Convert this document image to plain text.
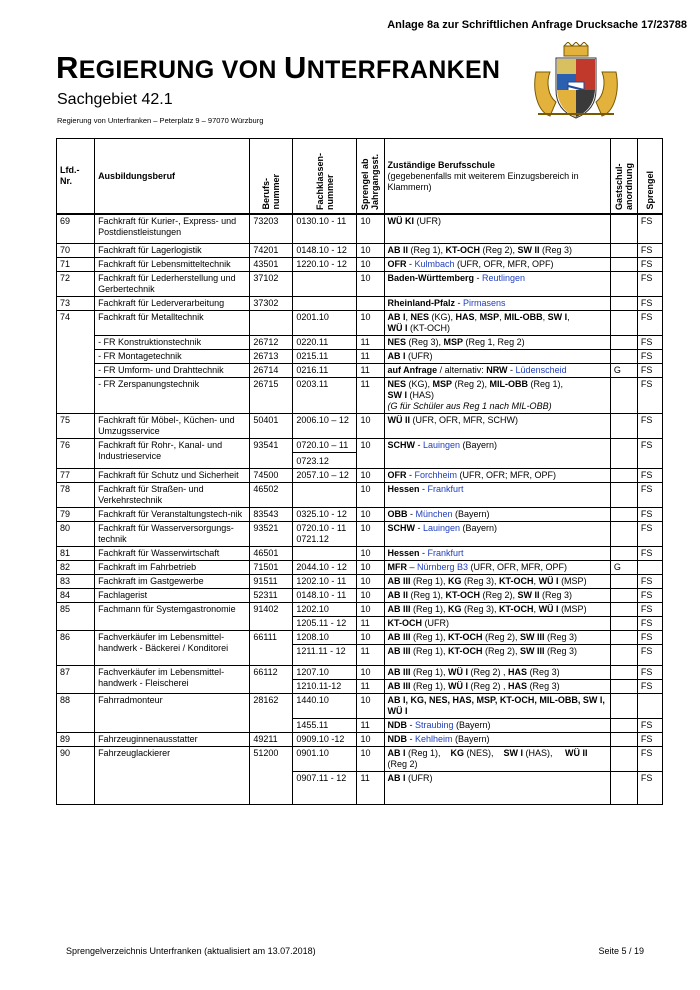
Anlage 8a zur Schriftlichen Anfrage Drucksache 17/23788
REGIERUNG VON UNTERFRANKEN
Sachgebiet 42.1
Regierung von Unterfranken – Peterplatz 9 – 97070 Würzburg
Lfd.-Nr.	Ausbildungsberuf	Berufs-
nummer	Fachklassen-
nummer	Sprengel ab
Jahrgangsst.	Zuständige Berufsschule
(gegebenenfalls mit weiterem Einzugsbereich in Klammern)	Gastschul-
anordnung	Sprengel

69	Fachkraft für Kurier-, Express- und Postdienstleistungen	73203	0130.10 - 11	10	WÜ KI (UFR)		FS
70	Fachkraft für Lagerlogistik	74201	0148.10 - 12	10	AB II (Reg 1), KT-OCH (Reg 2), SW II (Reg 3)		FS
71	Fachkraft für Lebensmitteltechnik	43501	1220.10 - 12	10	OFR - Kulmbach (UFR, OFR, MFR, OPF)		FS
72	Fachkraft für Lederherstellung und Gerbertechnik	37102		10	Baden-Württemberg - Reutlingen		FS
73	Fachkraft für Lederverarbeitung	37302			Rheinland-Pfalz - Pirmasens		FS
74	Fachkraft für Metalltechnik		0201.10	10	AB I, NES (KG), HAS, MSP, MIL-OBB, SW I,
WÜ I (KT-OCH)		FS
	- FR Konstruktionstechnik	26712	0220.11	11	NES (Reg 3), MSP (Reg 1, Reg 2)		FS
	- FR Montagetechnik	26713	0215.11	11	AB I (UFR)		FS
	- FR Umform- und Drahttechnik	26714	0216.11	11	auf Anfrage / alternativ: NRW - Lüdenscheid	G	FS
	- FR Zerspanungstechnik	26715	0203.11	11	NES (KG), MSP (Reg 2), MIL-OBB (Reg 1),
SW I (HAS)
(G für Schüler aus Reg 1 nach MIL-OBB)		FS
75	Fachkraft für Möbel-, Küchen- und Umzugsservice	50401	2006.10 – 12	10	WÜ II (UFR, OFR, MFR, SCHW)		FS
76	Fachkraft für Rohr-, Kanal- und Industrieservice	93541	0720.10 – 11
0723.12	10	SCHW - Lauingen (Bayern)		FS
77	Fachkraft für Schutz und Sicherheit	74500	2057.10 – 12	10	OFR - Forchheim (UFR, OFR; MFR, OPF)		FS
78	Fachkraft für Straßen- und Verkehrstechnik	46502		10	Hessen - Frankfurt		FS
79	Fachkraft für Veranstaltungstech-nik	83543	0325.10 - 12	10	OBB - München (Bayern)		FS
80	Fachkraft für Wasserversorgungs-technik	93521	0720.10 - 11
0721.12	10	SCHW - Lauingen (Bayern)		FS
81	Fachkraft für Wasserwirtschaft	46501		10	Hessen - Frankfurt		FS
82	Fachkraft im Fahrbetrieb	71501	2044.10 - 12	10	MFR – Nürnberg B3 (UFR, OFR, MFR, OPF)	G	
83	Fachkraft im Gastgewerbe	91511	1202.10 - 11	10	AB III (Reg 1), KG (Reg 3), KT-OCH, WÜ I (MSP)		FS
84	Fachlagerist	52311	0148.10 - 11	10	AB II (Reg 1), KT-OCH (Reg 2), SW II (Reg 3)		FS
85	Fachmann für Systemgastronomie	91402	1202.10	10	AB III (Reg 1), KG (Reg 3), KT-OCH, WÜ I (MSP)		FS
			1205.11 - 12	11	KT-OCH (UFR)		FS
86	Fachverkäufer im Lebensmittel-handwerk - Bäckerei / Konditorei	66111	1208.10	10	AB III (Reg 1), KT-OCH (Reg 2), SW III (Reg 3)		FS
			1211.11 - 12	11	AB III (Reg 1), KT-OCH (Reg 2), SW III (Reg 3)		FS
87	Fachverkäufer im Lebensmittel-handwerk - Fleischerei	66112	1207.10	10	AB III (Reg 1), WÜ I (Reg 2) , HAS (Reg 3)		FS
			1210.11-12	11	AB III (Reg 1), WÜ I (Reg 2) , HAS (Reg 3)		FS
88	Fahrradmonteur	28162	1440.10	10	AB I, KG, NES, HAS, MSP, KT-OCH, MIL-OBB, SW I, WÜ I		
			1455.11	11	NDB - Straubing (Bayern)		FS
89	Fahrzeuginnenausstatter	49211	0909.10 -12	10	NDB - Kehlheim (Bayern)		FS
90	Fahrzeuglackierer	51200	0901.10	10	AB I (Reg 1),    KG (NES),    SW I (HAS),     WÜ II (Reg 2)		FS
			0907.11 - 12	11	AB I (UFR)		FS
Sprengelverzeichnis Unterfranken (aktualisiert am 13.07.2018)	Seite 5 / 19
